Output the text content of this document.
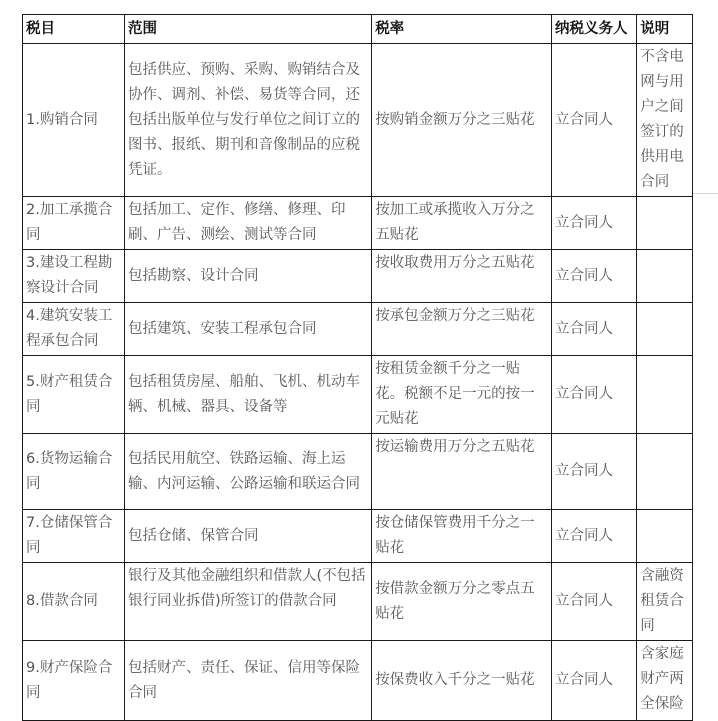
税目	范围	税率	纳税义务人	说明
1.购销合同	包括供应、预购、采购、购销结合及协作、调剂、补偿、易货等合同，还包括出版单位与发行单位之间订立的图书、报纸、期刊和音像制品的应税凭证。	按购销金额万分之三贴花	立合同人	不含电网与用户之间签订的供用电合同
2.加工承揽合同	包括加工、定作、修缮、修理、印刷、广告、测绘、测试等合同	按加工或承揽收入万分之五贴花	立合同人	
3.建设工程勘察设计合同	包括勘察、设计合同	按收取费用万分之五贴花	立合同人	
4.建筑安装工程承包合同	包括建筑、安装工程承包合同	按承包金额万分之三贴花	立合同人	
5.财产租赁合同	包括租赁房屋、船舶、飞机、机动车辆、机械、器具、设备等	按租赁金额千分之一贴花。税额不足一元的按一元贴花	立合同人	
6.货物运输合同	包括民用航空、铁路运输、海上运输、内河运输、公路运输和联运合同	按运输费用万分之五贴花	立合同人	
7.仓储保管合同	包括仓储、保管合同	按仓储保管费用千分之一贴花	立合同人	
8.借款合同	银行及其他金融组织和借款人(不包括银行同业拆借)所签订的借款合同	按借款金额万分之零点五贴花	立合同人	含融资租赁合同
9.财产保险合同	包括财产、责任、保证、信用等保险合同	按保费收入千分之一贴花	立合同人	含家庭财产两全保险
